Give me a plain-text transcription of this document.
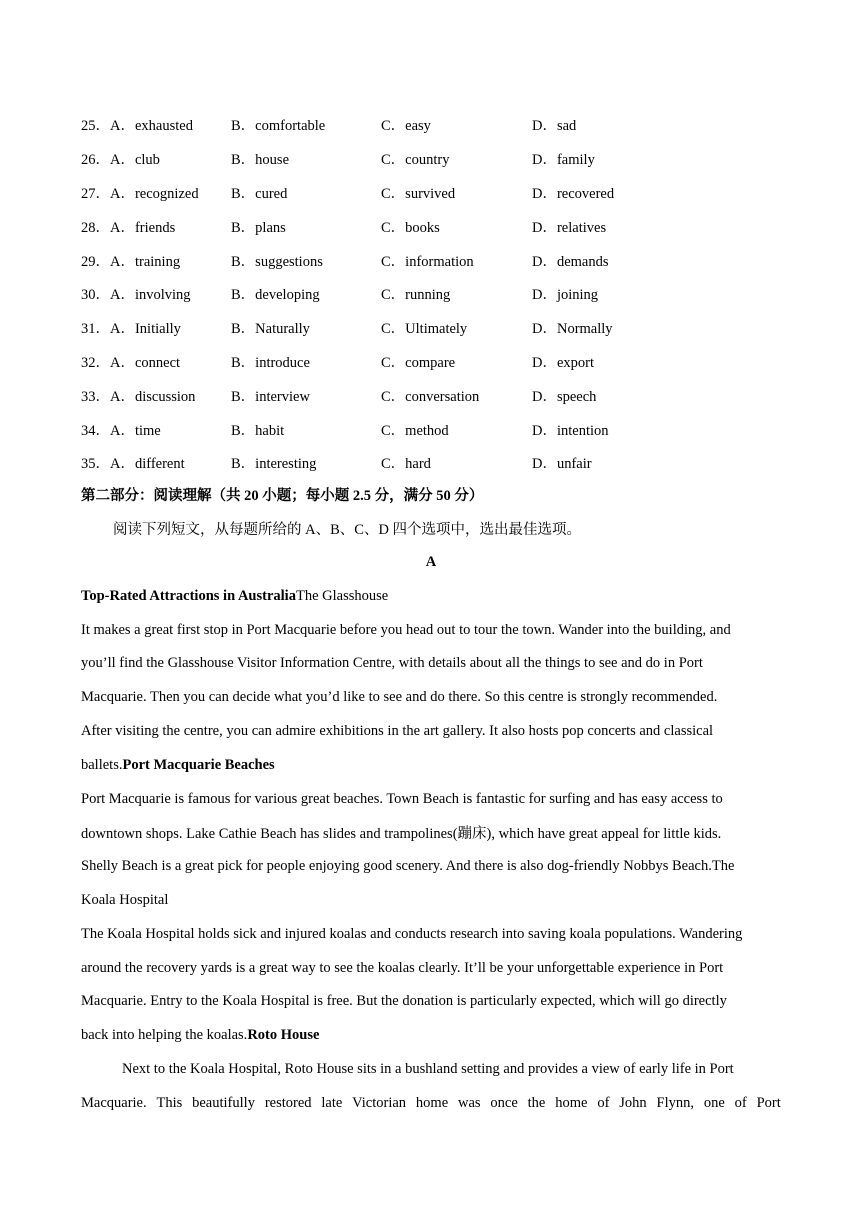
25．A．exhausted	B．comfortable	C．easy	D．sad
26．A．club	B．house	C．country	D．family
27．A．recognized	B．cured	C．survived	D．recovered
28．A．friends	B．plans	C．books	D．relatives
29．A．training	B．suggestions	C．information	D．demands
30．A．involving	B．developing	C．running	D．joining
31．A．Initially	B．Naturally	C．Ultimately	D．Normally
32．A．connect	B．introduce	C．compare	D．export
33．A．discussion	B．interview	C．conversation	D．speech
34．A．time	B．habit	C．method	D．intention
35．A．different	B．interesting	C．hard	D．unfair
第二部分：阅读理解（共 20 小题；每小题 2.5 分，满分 50 分）
阅读下列短文，从每题所给的 A、B、C、D 四个选项中，选出最佳选项。
A
Top-Rated Attractions in Australia The Glasshouse
It makes a great first stop in Port Macquarie before you head out to tour the town. Wander into the building, and
you’ll find the Glasshouse Visitor Information Centre, with details about all the things to see and do in Port
Macquarie. Then you can decide what you’d like to see and do there. So this centre is strongly recommended.
After visiting the centre, you can admire exhibitions in the art gallery. It also hosts pop concerts and classical
ballets. Port Macquarie Beaches
Port Macquarie is famous for various great beaches. Town Beach is fantastic for surfing and has easy access to
downtown shops. Lake Cathie Beach has slides and trampolines(蹦床), which have great appeal for little kids.
Shelly Beach is a great pick for people enjoying good scenery. And there is also dog-friendly Nobbys Beach.The
Koala Hospital
The Koala Hospital holds sick and injured koalas and conducts research into saving koala populations. Wandering
around the recovery yards is a great way to see the koalas clearly. It’ll be your unforgettable experience in Port
Macquarie. Entry to the Koala Hospital is free. But the donation is particularly expected, which will go directly
back into helping the koalas. Roto House
Next to the Koala Hospital, Roto House sits in a bushland setting and provides a view of early life in Port
Macquarie. This beautifully restored late Victorian home was once the home of John Flynn, one of Port
